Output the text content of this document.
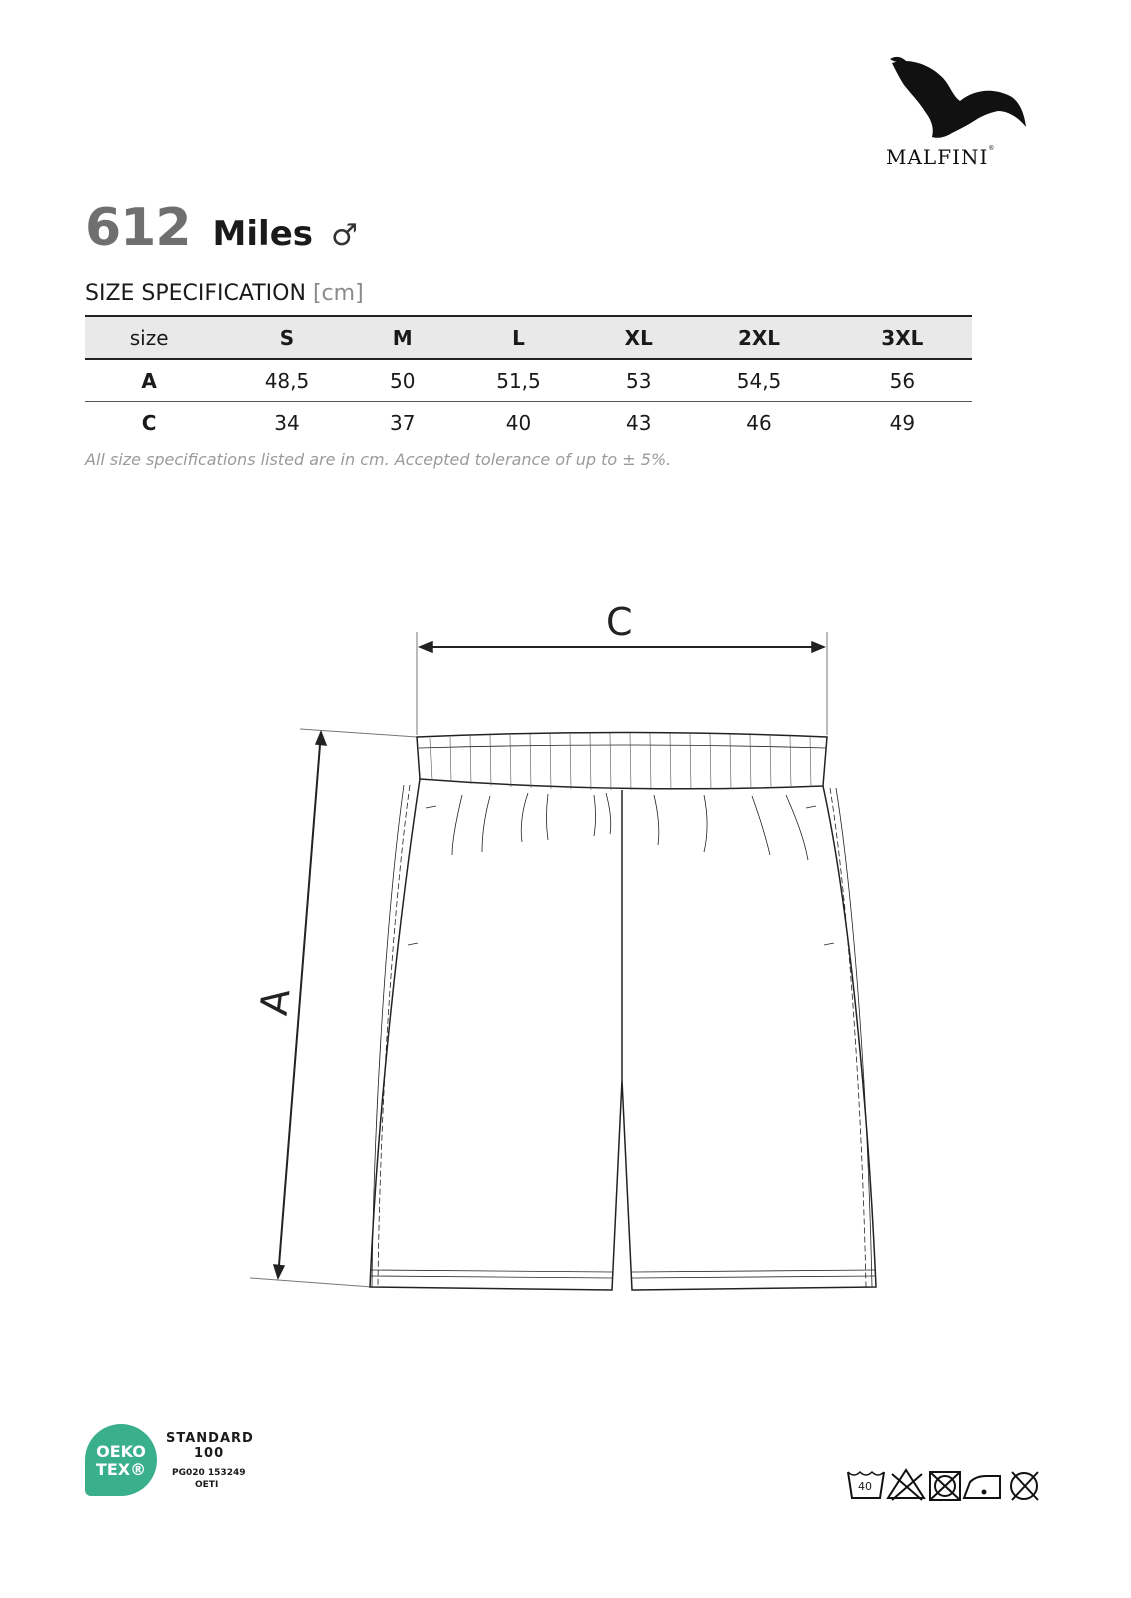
MALFINI®
612 Miles ♂
SIZE SPECIFICATION [cm]
size	S	M	L	XL	2XL	3XL
A	48,5	50	51,5	53	54,5	56
C	34	37	40	43	46	49
All size specifications listed are in cm. Accepted tolerance of up to ± 5%.
C
A
OEKO
TEX®
STANDARD
100
PG020 153249
OETI	40
